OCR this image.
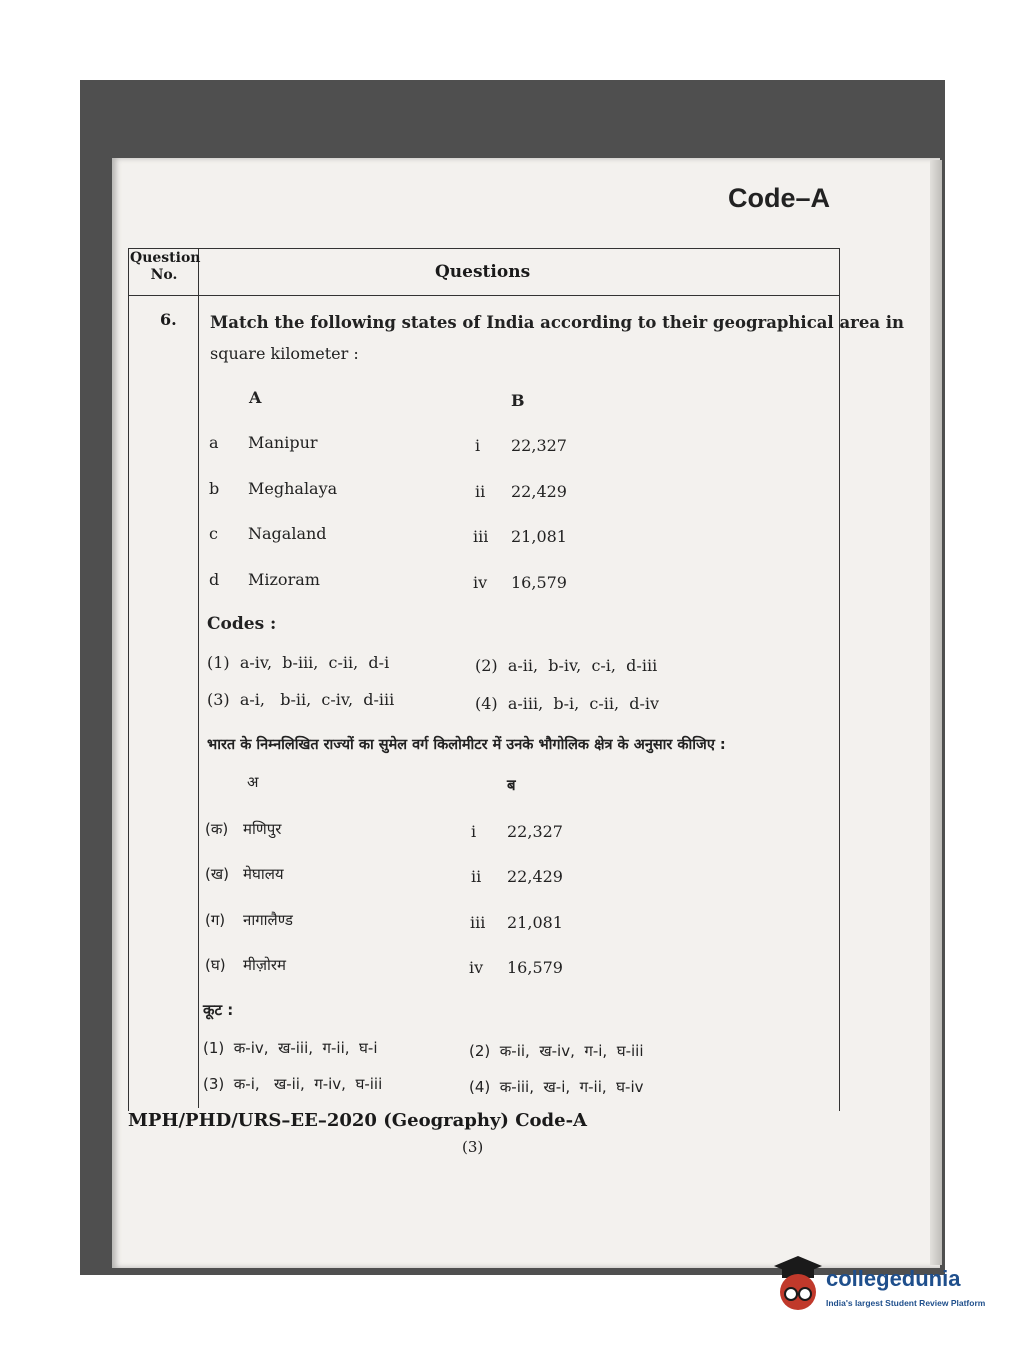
Code–A
Question No.	Questions
6. Match the following states of India according to their geographical area in
square kilometer :
A	B
a Manipur	i 22,327
b Meghalaya	ii 22,429
c Nagaland	iii 21,081
d Mizoram	iv 16,579
Codes :
(1)  a-iv,  b-iii,  c-ii,  d-i	(2)  a-ii,  b-iv,  c-i,  d-iii
(3)  a-i,   b-ii,  c-iv,  d-iii	(4)  a-iii,  b-i,  c-ii,  d-iv
भारत के निम्नलिखित राज्यों का सुमेल वर्ग किलोमीटर में उनके भौगोलिक क्षेत्र के अनुसार कीजिए :
अ	ब
(क) मणिपुर	i 22,327
(ख) मेघालय	ii 22,429
(ग) नागालैण्ड	iii 21,081
(घ) मीज़ोरम	iv 16,579
कूट :
(1)  क-iv,  ख-iii,  ग-ii,  घ-i	(2)  क-ii,  ख-iv,  ग-i,  घ-iii
(3)  क-i,   ख-ii,  ग-iv,  घ-iii	(4)  क-iii,  ख-i,  ग-ii,  घ-iv
MPH/PHD/URS–EE–2020 (Geography) Code-A
(3)
collegedunia
India's largest Student Review Platform
